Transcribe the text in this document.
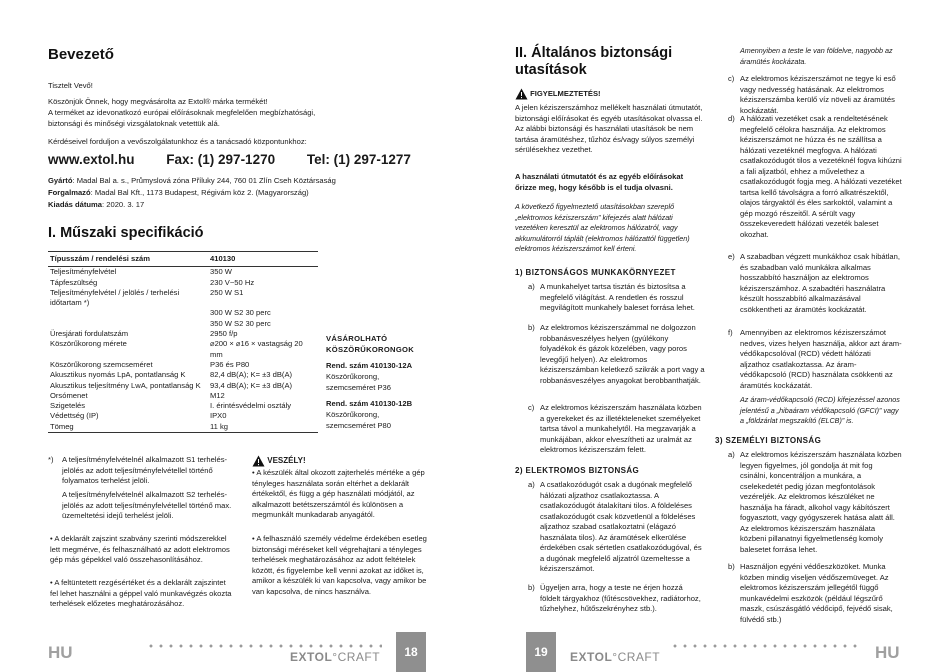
Bevezető
Tisztelt Vevő!
Köszönjük Önnek, hogy megvásárolta az Extol® márka termékét!
A terméket az idevonatkozó európai előírásoknak megfelelően megbízhatósági, biztonsági és minőségi vizsgálatoknak vetettük alá.
Kérdéseivel forduljon a vevőszolgálatunkhoz és a tanácsadó központunkhoz:
www.extol.hu Fax: (1) 297-1270 Tel: (1) 297-1277
Gyártó: Madal Bal a. s., Průmyslová zóna Příluky 244, 760 01 Zlín Cseh Köztársaság
Forgalmazó: Madal Bal Kft., 1173 Budapest, Régivám köz 2. (Magyarország)
Kiadás dátuma: 2020. 3. 17
I. Műszaki specifikáció
Típusszám / rendelési szám	410130
Teljesítményfelvétel	350 W
Tápfeszültség	230 V~50 Hz
Teljesítményfelvétel / jelölés / terhelési időtartam *)	250 W S1
	300 W S2 30 perc
	350 W S2 30 perc
Üresjárati fordulatszám	2950 f/p
Köszörűkorong mérete	⌀200 × ⌀16 × vastagság 20 mm
Köszörűkorong szemcseméret	P36 és P80
Akusztikus nyomás LpA, pontatlanság K	82,4 dB(A); K= ±3 dB(A)
Akusztikus teljesítmény LwA, pontatlanság K	93,4 dB(A); K= ±3 dB(A)
Orsómenet	M12
Szigetelés	I. érintésvédelmi osztály
Védettség (IP)	IPX0
Tömeg	11 kg
VÁSÁROLHATÓ KÖSZÖRŰKORONGOK
Rend. szám 410130-12A
Köszörűkorong, szemcseméret P36
Rend. szám 410130-12B
Köszörűkorong, szemcseméret P80
*) A teljesítményfelvételnél alkalmazott S1 terhelés-jelölés az adott teljesítményfelvétellel történő folyamatos terhelést jelöli.
A teljesítményfelvételnél alkalmazott S2 terhelés-jelölés az adott teljesítményfelvétellel történő max. üzemeltetési idejű terhelést jelöli.
• A deklarált zajszint szabvány szerinti módszerekkel lett megmérve, és felhasználható az adott elektromos gép más gépekkel való összehasonlításához.
• A feltüntetett rezgésértéket és a deklarált zajszintet fel lehet használni a géppel való munkavégzés okozta terhelések előzetes meghatározásához.
VESZÉLY!
• A készülék által okozott zajterhelés mértéke a gép tényleges használata során eltérhet a deklarált értékektől, és függ a gép használati módjától, az alkalmazott betétszerszámtól és különösen a megmunkált munkadarab anyagától.
• A felhasználó személy védelme érdekében esetleg biztonsági méréseket kell végrehajtani a tényleges terhelések meghatározásához az adott feltételek között, és figyelembe kell venni azokat az időket is, amikor a készülék ki van kapcsolva, vagy amikor be van kapcsolva, de nincs használva.
HU	EXTOL°CRAFT	18
II. Általános biztonsági utasítások
FIGYELMEZTETÉS!
A jelen kéziszerszámhoz mellékelt használati útmutatót, biztonsági előírásokat és egyéb utasításokat olvassa el. Az alábbi biztonsági és használati utasítások be nem tartása áramütéshez, tűzhöz és/vagy súlyos személyi sérülésekhez vezethet.
A használati útmutatót és az egyéb előírásokat őrizze meg, hogy később is el tudja olvasni.
A következő figyelmeztető utasításokban szereplő „elektromos kéziszerszám” kifejezés alatt hálózati vezetéken keresztül az elektromos hálózatról, vagy akkumulátorról táplált (elektromos hálózattól független) elektromos kéziszerszámot kell érteni.
1) BIZTONSÁGOS MUNKAKÖRNYEZET
a) A munkahelyet tartsa tisztán és biztosítsa a megfelelő világítást. A rendetlen és rosszul megvilágított munkahely baleset forrása lehet.
b) Az elektromos kéziszerszámmal ne dolgozzon robbanásveszélyes helyen (gyúlékony folyadékok és gázok közelében, vagy poros levegőjű helyen). Az elektromos kéziszerszámban keletkező szikrák a port vagy a robbanásveszélyes anyagokat berobbanthatják.
c) Az elektromos kéziszerszám használata közben a gyerekeket és az illetékteleneket személyeket tartsa távol a munkahelytől. Ha megzavarják a munkájában, akkor elveszítheti az uralmát az elektromos kéziszerszám felett.
2) ELEKTROMOS BIZTONSÁG
a) A csatlakozódugót csak a dugónak megfelelő hálózati aljzathoz csatlakoztassa. A csatlakozódugót átalakítani tilos. A földeléses csatlakozódugót csak közvetlenül a földeléses aljzathoz szabad csatlakoztatni (elágazó használata tilos). Az áramütések elkerülése érdekében csak sértetlen csatlakozódugóval, és a dugónak megfelelő aljzatról üzemeltesse a kéziszerszámot.
b) Ügyeljen arra, hogy a teste ne érjen hozzá földelt tárgyakhoz (fűtéscsövekhez, radiátorhoz, tűzhelyhez, hűtőszekrényhez stb.).
Amennyiben a teste le van földelve, nagyobb az áramütés kockázata.
c) Az elektromos kéziszerszámot ne tegye ki eső vagy nedvesség hatásának. Az elektromos kéziszerszámba kerülő víz növeli az áramütés kockázatát.
d) A hálózati vezetéket csak a rendeltetésének megfelelő célokra használja. Az elektromos kéziszerszámot ne húzza és ne szállítsa a hálózati vezetéknél megfogva. A hálózati csatlakozódugót tilos a vezetéknél fogva kihúzni a fali aljzatból, ehhez a művelethez a csatlakozódugót fogja meg. A hálózati vezetéket tartsa kellő távolságra a forró alkatrészektől, olajos tárgyaktól és éles sarkoktól, valamint a gép mozgó részeitől. A sérült vagy összekeveredett hálózati vezeték baleset okozhat.
e) A szabadban végzett munkákhoz csak hibátlan, és szabadban való munkákra alkalmas hosszabbító használjon az elektromos kéziszerszámhoz. A szabadtéri használatra készült hosszabbító alkalmazásával csökkentheti az áramütés kockázatát.
f) Amennyiben az elektromos kéziszerszámot nedves, vizes helyen használja, akkor azt áram-védőkapcsolóval (RCD) védett hálózati aljzathoz csatlakoztassa. Az áram-védőkapcsoló (RCD) használata csökkenti az áramütés kockázatát.
Az áram-védőkapcsoló (RCD) kifejezéssel azonos jelentésű a „hibaáram védőkapcsoló (GFCI)” vagy a „földzárlat megszakító (ELCB)” is.
3) SZEMÉLYI BIZTONSÁG
a) Az elektromos kéziszerszám használata közben legyen figyelmes, jól gondolja át mit fog csinálni, koncentráljon a munkára, a cselekedetét pedig józan megfontolások vezéreljék. Az elektromos készüléket ne használja ha fáradt, alkohol vagy kábítószert fogyasztott, vagy gyógyszerek hatása alatt áll. Az elektromos kéziszerszám használata közbeni pillanatnyi figyelmetlenség komoly balesetet forrása lehet.
b) Használjon egyéni védőeszközöket. Munka közben mindig viseljen védőszemüveget. Az elektromos kéziszerszám jellegétől függő munkavédelmi eszközök (például légszűrő maszk, csúszásgátló védőcipő, fejvédő sisak, fülvédő stb.)
19	EXTOL°CRAFT	HU
